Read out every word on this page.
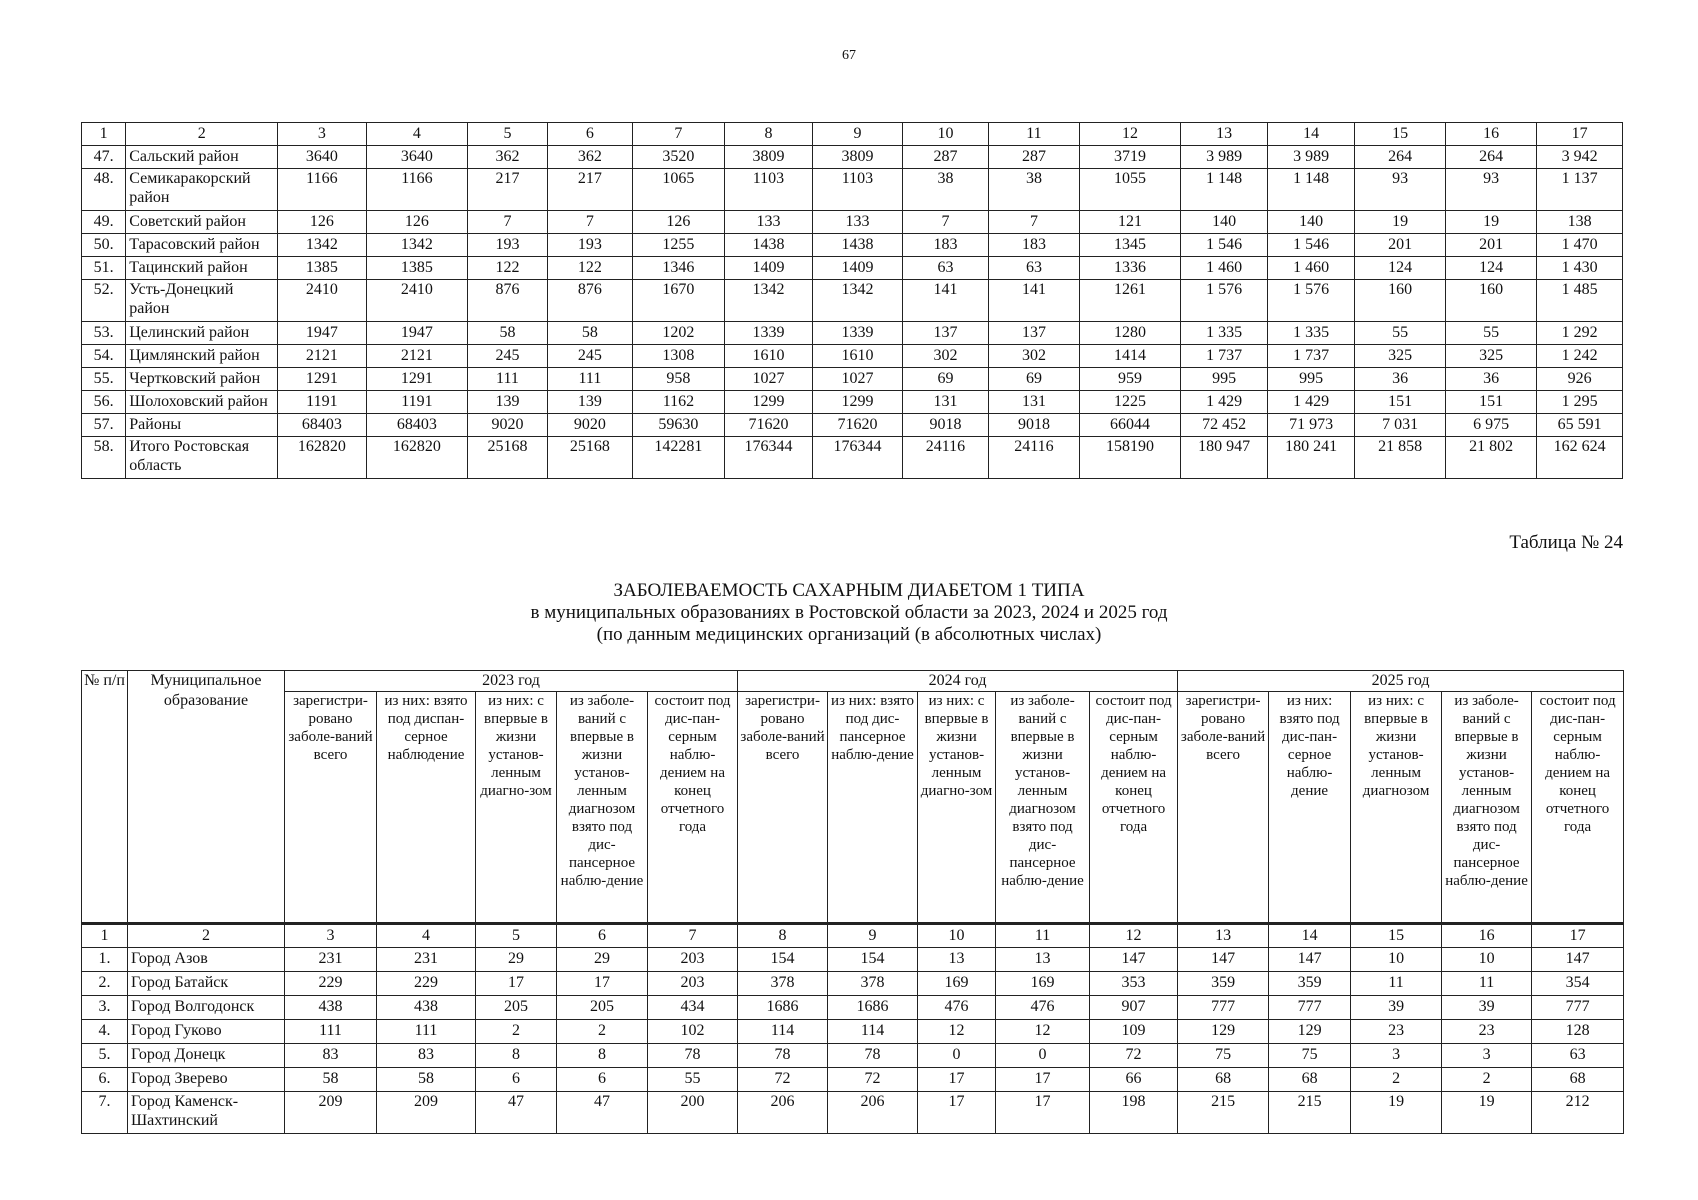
67
1	2	3	4	5	6	7	8	9	10	11	12	13	14	15	16	17
47.	Сальский район	3640	3640	362	362	3520	3809	3809	287	287	3719	3 989	3 989	264	264	3 942
48.	Семикаракорский район	1166	1166	217	217	1065	1103	1103	38	38	1055	1 148	1 148	93	93	1 137
49.	Советский район	126	126	7	7	126	133	133	7	7	121	140	140	19	19	138
50.	Тарасовский район	1342	1342	193	193	1255	1438	1438	183	183	1345	1 546	1 546	201	201	1 470
51.	Тацинский район	1385	1385	122	122	1346	1409	1409	63	63	1336	1 460	1 460	124	124	1 430
52.	Усть-Донецкий район	2410	2410	876	876	1670	1342	1342	141	141	1261	1 576	1 576	160	160	1 485
53.	Целинский район	1947	1947	58	58	1202	1339	1339	137	137	1280	1 335	1 335	55	55	1 292
54.	Цимлянский район	2121	2121	245	245	1308	1610	1610	302	302	1414	1 737	1 737	325	325	1 242
55.	Чертковский район	1291	1291	111	111	958	1027	1027	69	69	959	995	995	36	36	926
56.	Шолоховский район	1191	1191	139	139	1162	1299	1299	131	131	1225	1 429	1 429	151	151	1 295
57.	Районы	68403	68403	9020	9020	59630	71620	71620	9018	9018	66044	72 452	71 973	7 031	6 975	65 591
58.	Итого Ростовская область	162820	162820	25168	25168	142281	176344	176344	24116	24116	158190	180 947	180 241	21 858	21 802	162 624
Таблица № 24
ЗАБОЛЕВАЕМОСТЬ САХАРНЫМ ДИАБЕТОМ 1 ТИПА
в муниципальных образованиях в Ростовской области за 2023, 2024 и 2025 год
(по данным медицинских организаций (в абсолютных числах)
№ п/п	Муниципальное образование	2023 год					2024 год					2025 год				
		зарегистри-ровано заболе-ваний всего	из них: взято под диспан-серное наблюдение	из них: с впервые в жизни установ-ленным диагно-зом	из заболе-ваний с впервые в жизни установ-ленным диагнозом взято под дис-пансерное наблю-дение	состоит под дис-пан-серным наблю-дением на конец отчетного года	зарегистри-ровано заболе-ваний всего	из них: взято под дис-пансерное наблю-дение	из них: с впервые в жизни установ-ленным диагно-зом	из заболе-ваний с впервые в жизни установ-ленным диагнозом взято под дис-пансерное наблю-дение	состоит под дис-пан-серным наблю-дением на конец отчетного года	зарегистри-ровано заболе-ваний всего	из них: взято под дис-пан-серное наблю-дение	из них: с впервые в жизни установ-ленным диагнозом	из заболе-ваний с впервые в жизни установ-ленным диагнозом взято под дис-пансерное наблю-дение	состоит под дис-пан-серным наблю-дением на конец отчетного года
1	2	3	4	5	6	7	8	9	10	11	12	13	14	15	16	17
1.	Город Азов	231	231	29	29	203	154	154	13	13	147	147	147	10	10	147
2.	Город Батайск	229	229	17	17	203	378	378	169	169	353	359	359	11	11	354
3.	Город Волгодонск	438	438	205	205	434	1686	1686	476	476	907	777	777	39	39	777
4.	Город Гуково	111	111	2	2	102	114	114	12	12	109	129	129	23	23	128
5.	Город Донецк	83	83	8	8	78	78	78	0	0	72	75	75	3	3	63
6.	Город Зверево	58	58	6	6	55	72	72	17	17	66	68	68	2	2	68
7.	Город Каменск-Шахтинский	209	209	47	47	200	206	206	17	17	198	215	215	19	19	212
